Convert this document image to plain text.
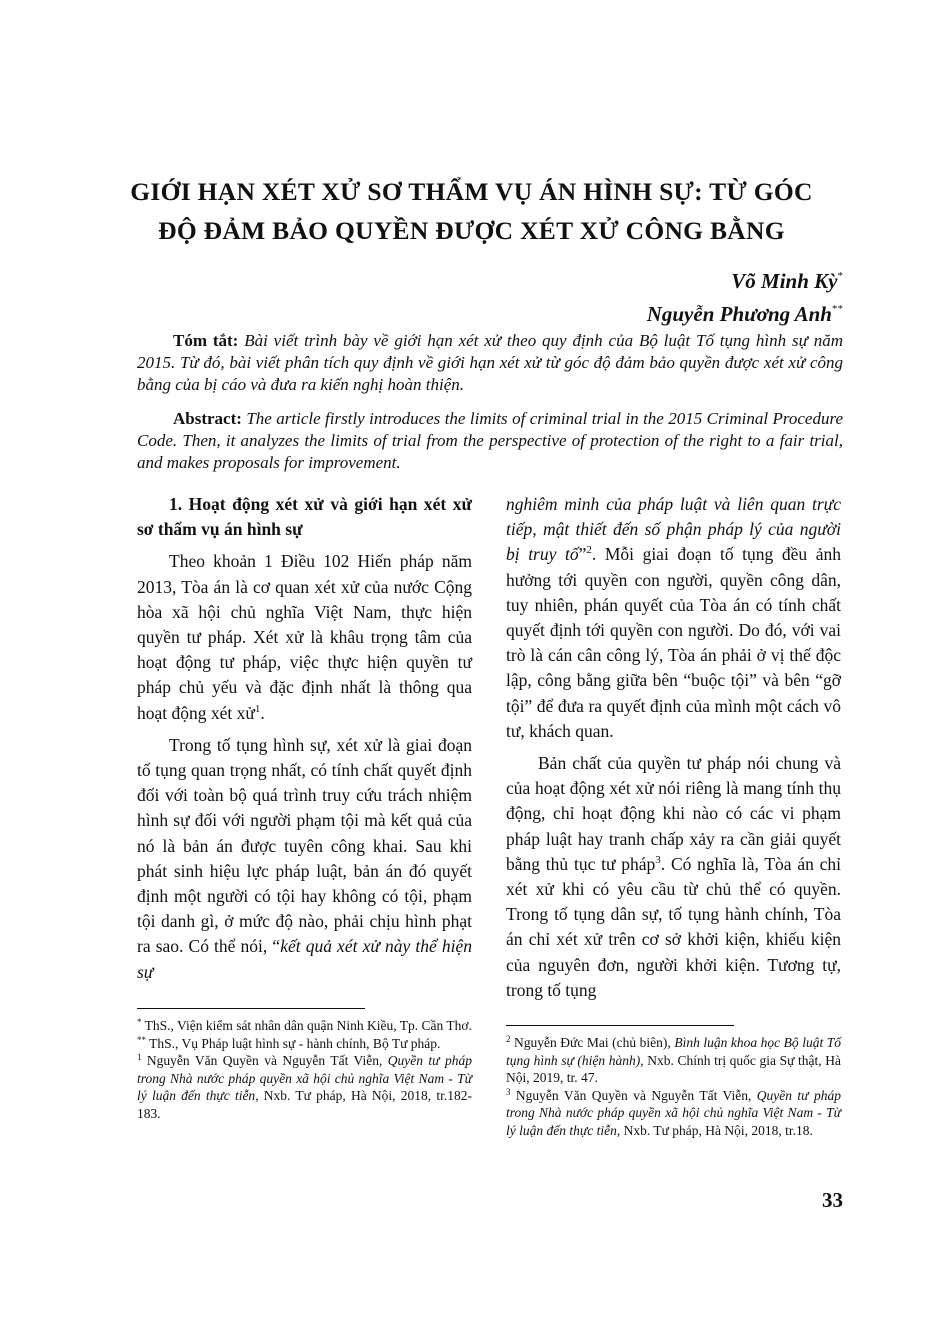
GIỚI HẠN XÉT XỬ SƠ THẨM VỤ ÁN HÌNH SỰ: TỪ GÓC
ĐỘ ĐẢM BẢO QUYỀN ĐƯỢC XÉT XỬ CÔNG BẰNG
Võ Minh Kỳ*
Nguyễn Phương Anh**

Tóm tắt: Bài viết trình bày về giới hạn xét xử theo quy định của Bộ luật Tố tụng hình sự năm 2015. Từ đó, bài viết phân tích quy định về giới hạn xét xử từ góc độ đảm bảo quyền được xét xử công bằng của bị cáo và đưa ra kiến nghị hoàn thiện.

Abstract: The article firstly introduces the limits of criminal trial in the 2015 Criminal Procedure Code. Then, it analyzes the limits of trial from the perspective of protection of the right to a fair trial, and makes proposals for improvement.

1. Hoạt động xét xử và giới hạn xét xử sơ thẩm vụ án hình sự

Theo khoản 1 Điều 102 Hiến pháp năm 2013, Tòa án là cơ quan xét xử của nước Cộng hòa xã hội chủ nghĩa Việt Nam, thực hiện quyền tư pháp. Xét xử là khâu trọng tâm của hoạt động tư pháp, việc thực hiện quyền tư pháp chủ yếu và đặc định nhất là thông qua hoạt động xét xử$^1$.

Trong tố tụng hình sự, xét xử là giai đoạn tố tụng quan trọng nhất, có tính chất quyết định đối với toàn bộ quá trình truy cứu trách nhiệm hình sự đối với người phạm tội mà kết quả của nó là bản án được tuyên công khai. Sau khi phát sinh hiệu lực pháp luật, bản án đó quyết định một người có tội hay không có tội, phạm tội danh gì, ở mức độ nào, phải chịu hình phạt ra sao. Có thể nói, “kết quả xét xử này thể hiện sự

nghiêm minh của pháp luật và liên quan trực tiếp, mật thiết đến số phận pháp lý của người bị truy tố”$^2$. Mỗi giai đoạn tố tụng đều ảnh hưởng tới quyền con người, quyền công dân, tuy nhiên, phán quyết của Tòa án có tính chất quyết định tới quyền con người. Do đó, với vai trò là cán cân công lý, Tòa án phải ở vị thế độc lập, công bằng giữa bên “buộc tội” và bên “gỡ tội” để đưa ra quyết định của mình một cách vô tư, khách quan.

Bản chất của quyền tư pháp nói chung và của hoạt động xét xử nói riêng là mang tính thụ động, chỉ hoạt động khi nào có các vi phạm pháp luật hay tranh chấp xảy ra cần giải quyết bằng thủ tục tư pháp$^3$. Có nghĩa là, Tòa án chỉ xét xử khi có yêu cầu từ chủ thể có quyền. Trong tố tụng dân sự, tố tụng hành chính, Tòa án chỉ xét xử trên cơ sở khởi kiện, khiếu kiện của nguyên đơn, người khởi kiện. Tương tự, trong tố tụng

* ThS., Viện kiểm sát nhân dân quận Ninh Kiều, Tp. Cần Thơ.

** ThS., Vụ Pháp luật hình sự - hành chính, Bộ Tư pháp.

$^1$ Nguyễn Văn Quyền và Nguyễn Tất Viễn, Quyền tư pháp trong Nhà nước pháp quyền xã hội chủ nghĩa Việt Nam - Từ lý luận đến thực tiễn, Nxb. Tư pháp, Hà Nội, 2018, tr.182-183.

$^2$ Nguyễn Đức Mai (chủ biên), Bình luận khoa học Bộ luật Tố tụng hình sự (hiện hành), Nxb. Chính trị quốc gia Sự thật, Hà Nội, 2019, tr. 47.

$^3$ Nguyễn Văn Quyền và Nguyễn Tất Viễn, Quyền tư pháp trong Nhà nước pháp quyền xã hội chủ nghĩa Việt Nam - Từ lý luận đến thực tiễn, Nxb. Tư pháp, Hà Nội, 2018, tr.18.

33
